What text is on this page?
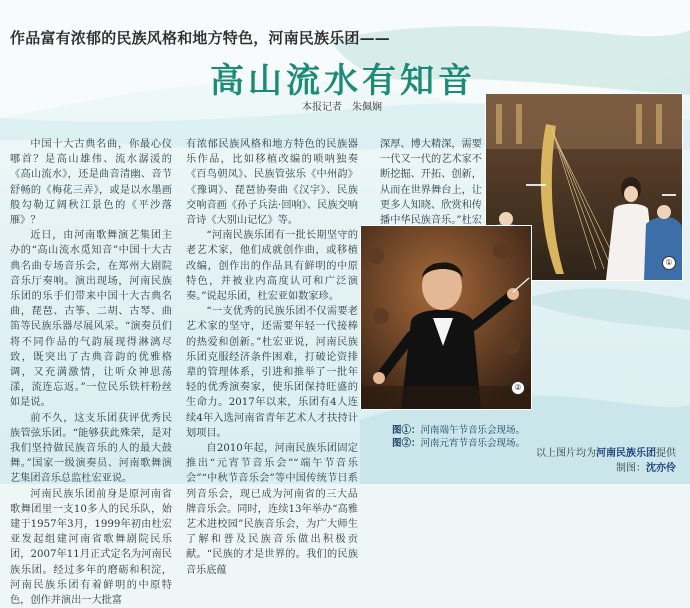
作品富有浓郁的民族风格和地方特色，河南民族乐团——
高山流水有知音
本报记者　朱佩娴

中国十大古典名曲，你最心仪哪首？是高山雄伟、流水潺湲的《高山流水》，还是曲音清幽、音节舒畅的《梅花三弄》，或是以水墨画般勾勒辽阔秋江景色的《平沙落雁》？

近日，由河南歌舞演艺集团主办的“高山流水觅知音”中国十大古典名曲专场音乐会，在郑州大剧院音乐厅奏响。演出现场，河南民族乐团的乐手们带来中国十大古典名曲，琵琶、古筝、二胡、古琴、曲笛等民族乐器尽展风采。“演奏员们将不同作品的气韵展现得淋漓尽致，既突出了古典音韵的优雅格调，又充满激情，让听众神思荡漾，流连忘返。”一位民乐铁杆粉丝如是说。

前不久，这支乐团获评优秀民族管弦乐团。“能够获此殊荣，是对我们坚持做民族音乐的人的最大鼓舞。”国家一级演奏员、河南歌舞演艺集团音乐总监杜宏亚说。

河南民族乐团前身是原河南省歌舞团里一支10多人的民乐队，始建于1957年3月，1999年初由杜宏亚发起组建河南省歌舞剧院民乐团，2007年11月正式定名为河南民族乐团。经过多年的磨砺和积淀，河南民族乐团有着鲜明的中原特色，创作并演出一大批富

有浓郁民族风格和地方特色的民族器乐作品，比如移植改编的唢呐独奏《百鸟朝凤》、民族管弦乐《中州韵》《豫调》、琵琶协奏曲《汉字》、民族交响音画《孙子兵法·回响》、民族交响音诗《大别山记忆》等。

“河南民族乐团有一批长期坚守的老艺术家，他们成就创作曲，或移植改编，创作出的作品具有鲜明的中原特色，并被业内高度认可和广泛演奏。”说起乐团，杜宏亚如数家珍。

“一支优秀的民族乐团不仅需要老艺术家的坚守，还需要年轻一代接棒的热爱和创新。”杜宏亚说，河南民族乐团克服经济条件困难，打破论资排辈的管理体系，引进和推举了一批年轻的优秀演奏家，使乐团保持旺盛的生命力。2017年以来，乐团有4人连续4年入选河南省青年艺术人才扶持计划项目。

自2010年起，河南民族乐团固定推出“元宵节音乐会”“端午节音乐会”“中秋节音乐会”等中国传统节日系列音乐会，现已成为河南省的三大品牌音乐会。同时，连续13年举办“高雅艺术进校园”民族音乐会，为广大师生了解和普及民族音乐做出积极贡献。“民族的才是世界的。我们的民族音乐底蕴

深厚、博大精深，需要一代又一代的艺术家不断挖掘、开拓、创新，从而在世界舞台上，让更多人知晓、欣赏和传播中华民族音乐。”杜宏

①
②
图①：河南端午节音乐会现场。
图②：河南元宵节音乐会现场。
以上图片均为河南民族乐团提供
制图：沈亦伶
